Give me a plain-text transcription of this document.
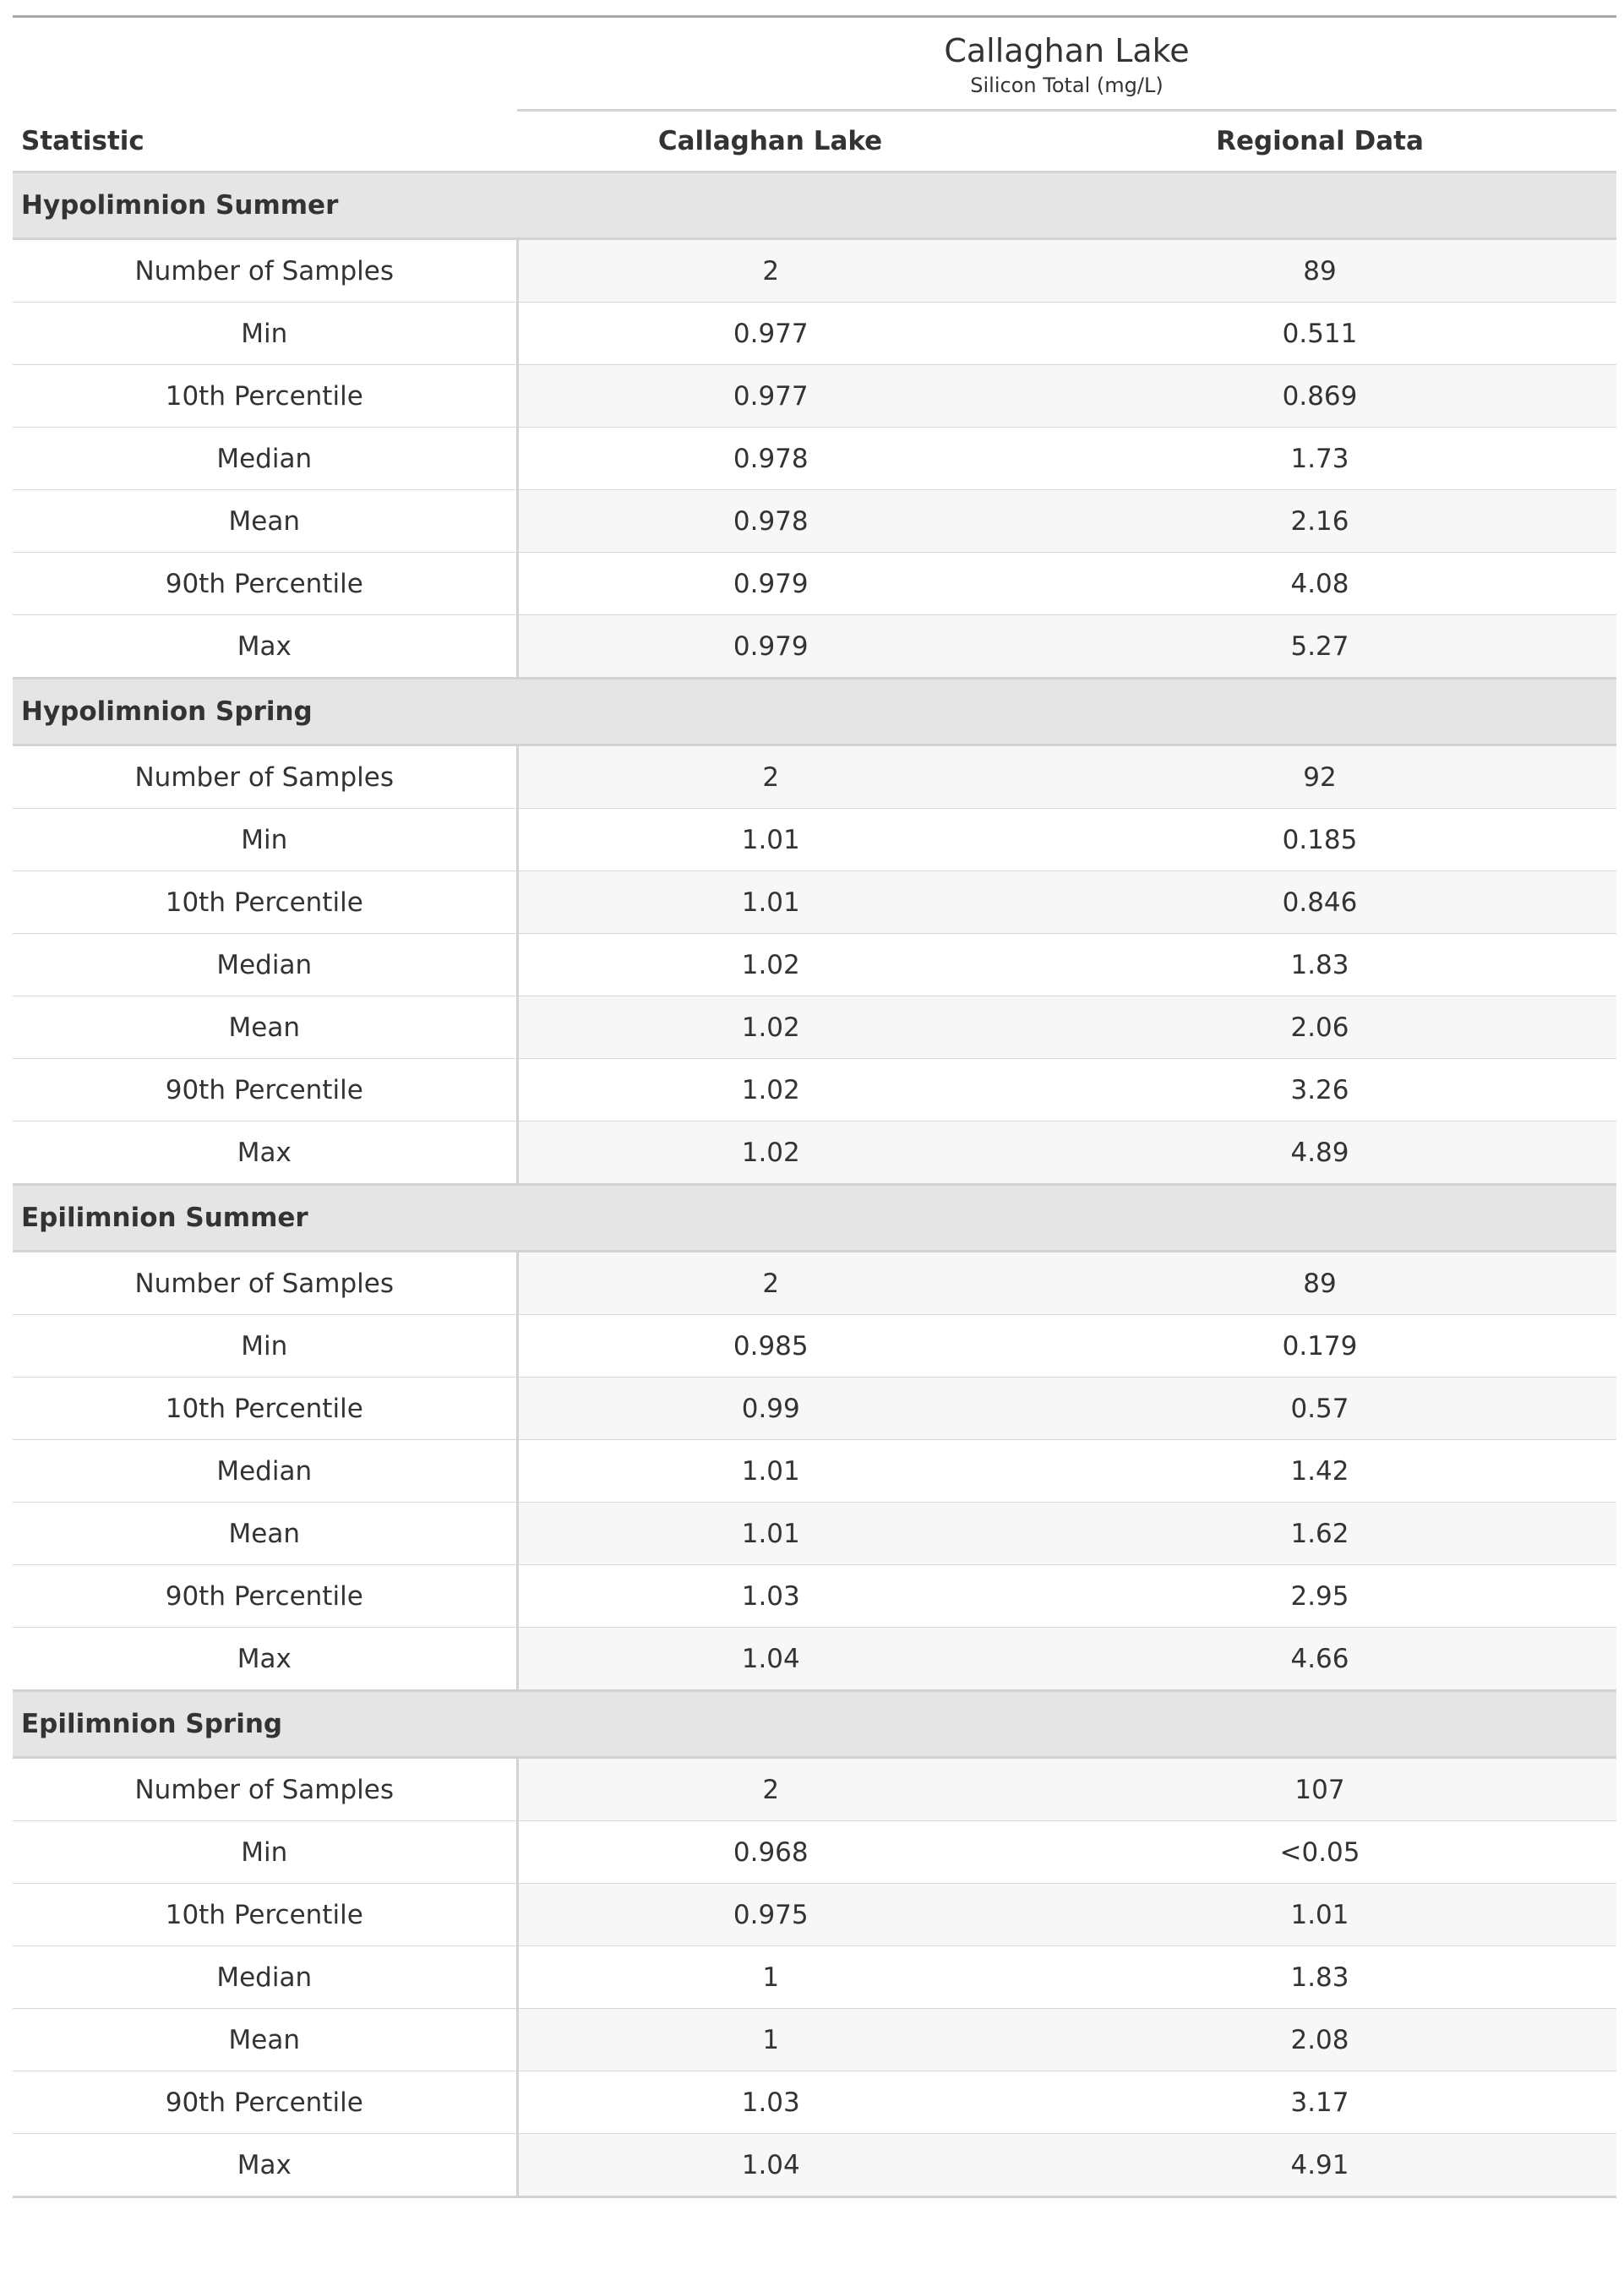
	Callaghan Lake
Silicon Total (mg/L)	

Statistic	Callaghan Lake	Regional Data
Hypolimnion Summer		
Number of Samples	2	89
Min	0.977	0.511
10th Percentile	0.977	0.869
Median	0.978	1.73
Mean	0.978	2.16
90th Percentile	0.979	4.08
Max	0.979	5.27
Hypolimnion Spring		
Number of Samples	2	92
Min	1.01	0.185
10th Percentile	1.01	0.846
Median	1.02	1.83
Mean	1.02	2.06
90th Percentile	1.02	3.26
Max	1.02	4.89
Epilimnion Summer		
Number of Samples	2	89
Min	0.985	0.179
10th Percentile	0.99	0.57
Median	1.01	1.42
Mean	1.01	1.62
90th Percentile	1.03	2.95
Max	1.04	4.66
Epilimnion Spring		
Number of Samples	2	107
Min	0.968	<0.05
10th Percentile	0.975	1.01
Median	1	1.83
Mean	1	2.08
90th Percentile	1.03	3.17
Max	1.04	4.91
